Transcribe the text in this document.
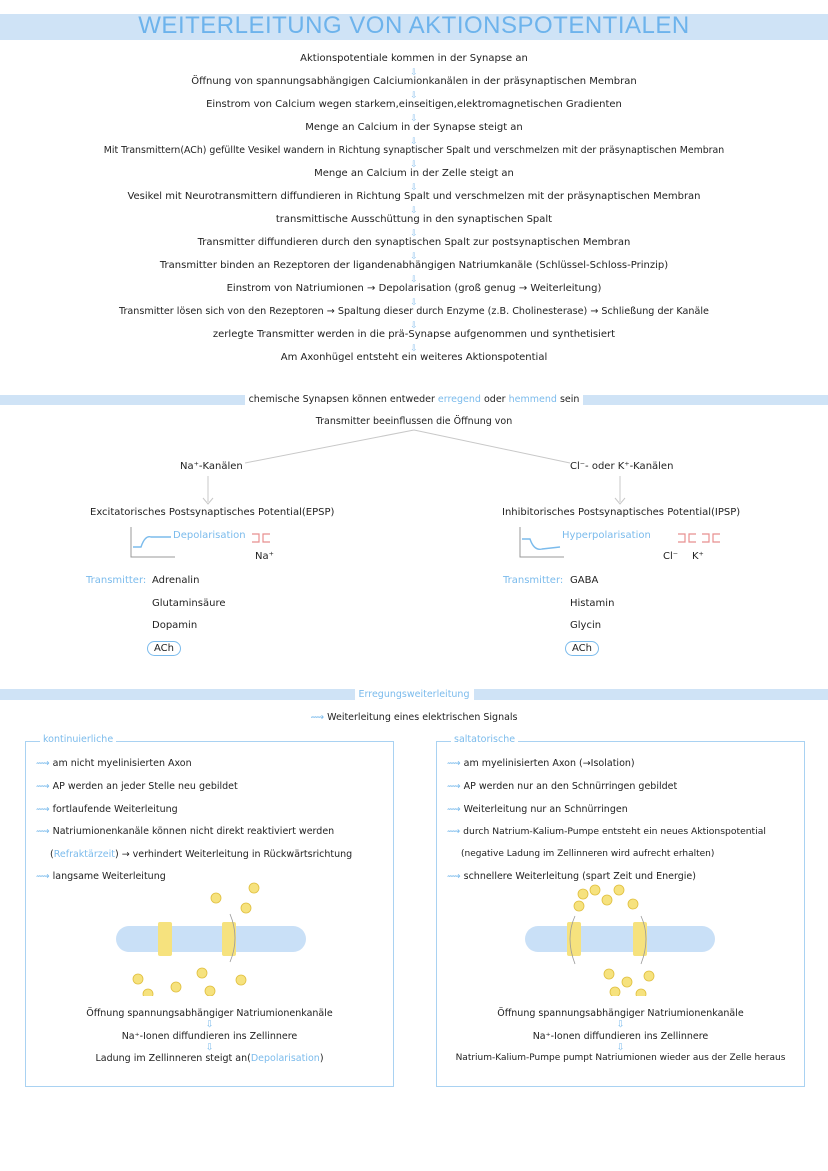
WEITERLEITUNG VON AKTIONSPOTENTIALEN
Aktionspotentiale kommen in der Synapse an
⇩
Öffnung von spannungsabhängigen Calciumionkanälen in der präsynaptischen Membran
⇩
Einstrom von Calcium wegen starkem,einseitigen,elektromagnetischen Gradienten
⇩
Menge an Calcium in der Synapse steigt an
⇩
Mit Transmittern(ACh) gefüllte Vesikel wandern in Richtung synaptischer Spalt und verschmelzen mit der präsynaptischen Membran
⇩
Menge an Calcium in der Zelle steigt an
⇩
Vesikel mit Neurotransmittern diffundieren in Richtung Spalt und verschmelzen mit der präsynaptischen Membran
⇩
transmittische Ausschüttung in den synaptischen Spalt
⇩
Transmitter diffundieren durch den synaptischen Spalt zur postsynaptischen Membran
⇩
Transmitter binden an Rezeptoren der ligandenabhängigen Natriumkanäle (Schlüssel-Schloss-Prinzip)
⇩
Einstrom von Natriumionen → Depolarisation (groß genug → Weiterleitung)
⇩
Transmitter lösen sich von den Rezeptoren → Spaltung dieser durch Enzyme (z.B. Cholinesterase) → Schließung der Kanäle
⇩
zerlegte Transmitter werden in die prä-Synapse aufgenommen und synthetisiert
⇩
Am Axonhügel entsteht ein weiteres Aktionspotential
chemische Synapsen können entweder erregend oder hemmend sein
Transmitter beeinflussen die Öffnung von
Na⁺-Kanälen	Cl⁻- oder K⁺-Kanälen
Excitatorisches Postsynaptisches Potential(EPSP)	Inhibitorisches Postsynaptisches Potential(IPSP)
Depolarisation
Na⁺
Hyperpolarisation
Cl⁻ K⁺
Transmitter: Adrenalin
Glutaminsäure
Dopamin
ACh
Transmitter: GABA
Histamin
Glycin
ACh
Erregungsweiterleitung
⟿ Weiterleitung eines elektrischen Signals
kontinuierliche
⟿ am nicht myelinisierten Axon
⟿ AP werden an jeder Stelle neu gebildet
⟿ fortlaufende Weiterleitung
⟿ Natriumionenkanäle können nicht direkt reaktiviert werden
(Refraktärzeit) → verhindert Weiterleitung in Rückwärtsrichtung
⟿ langsame Weiterleitung
Öffnung spannungsabhängiger Natriumionenkanäle
⇩
Na⁺-Ionen diffundieren ins Zellinnere
⇩
Ladung im Zellinneren steigt an(Depolarisation)
saltatorische
⟿ am myelinisierten Axon (→Isolation)
⟿ AP werden nur an den Schnürringen gebildet
⟿ Weiterleitung nur an Schnürringen
⟿ durch Natrium-Kalium-Pumpe entsteht ein neues Aktionspotential
(negative Ladung im Zellinneren wird aufrecht erhalten)
⟿ schnellere Weiterleitung (spart Zeit und Energie)
Öffnung spannungsabhängiger Natriumionenkanäle
⇩
Na⁺-Ionen diffundieren ins Zellinnere
⇩
Natrium-Kalium-Pumpe pumpt Natriumionen wieder aus der Zelle heraus
